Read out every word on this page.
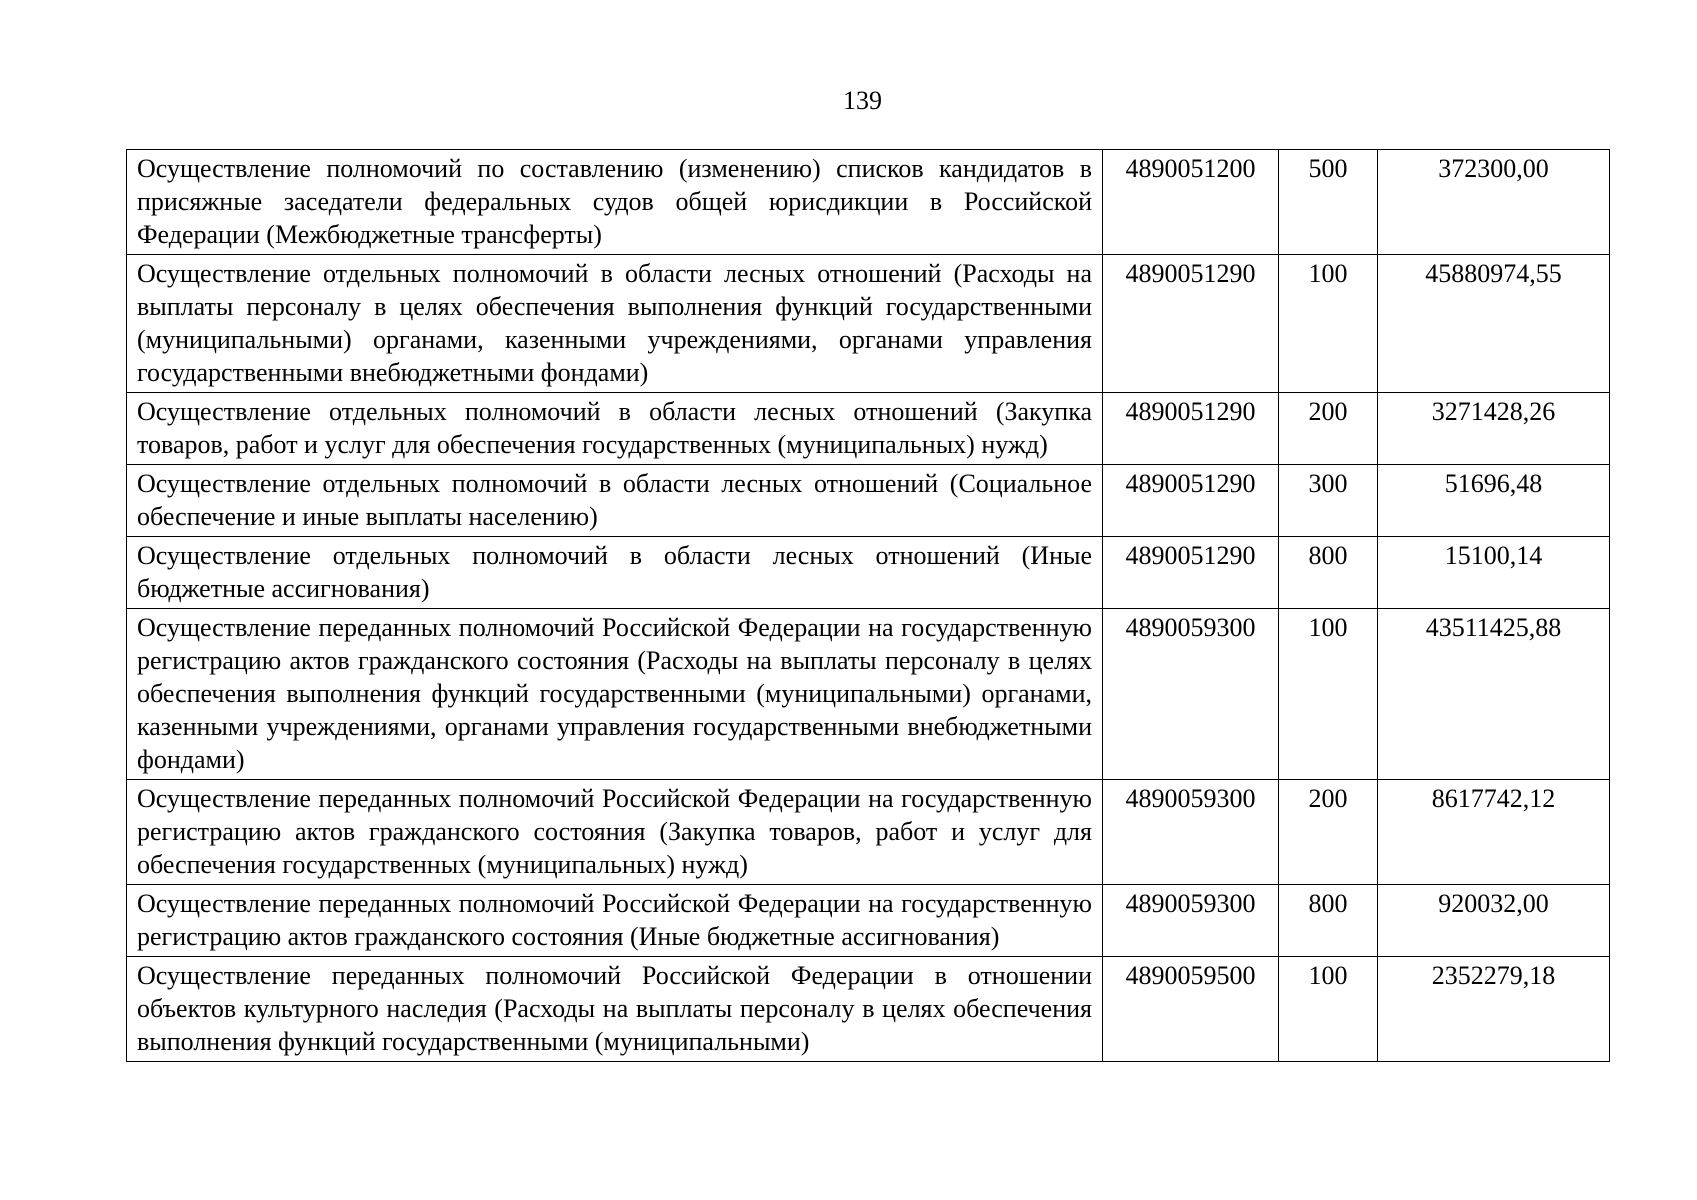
139
Осуществление полномочий по составлению (изменению) списков кандидатов в присяжные заседатели федеральных судов общей юрисдикции в Российской Федерации (Межбюджетные трансферты)	4890051200	500	372300,00
Осуществление отдельных полномочий в области лесных отношений (Расходы на выплаты персоналу в целях обеспечения выполнения функций государственными (муниципальными) органами, казенными учреждениями, органами управления государственными внебюджетными фондами)	4890051290	100	45880974,55
Осуществление отдельных полномочий в области лесных отношений (Закупка товаров, работ и услуг для обеспечения государственных (муниципальных) нужд)	4890051290	200	3271428,26
Осуществление отдельных полномочий в области лесных отношений (Социальное обеспечение и иные выплаты населению)	4890051290	300	51696,48
Осуществление отдельных полномочий в области лесных отношений (Иные бюджетные ассигнования)	4890051290	800	15100,14
Осуществление переданных полномочий Российской Федерации на государственную регистрацию актов гражданского состояния (Расходы на выплаты персоналу в целях обеспечения выполнения функций государственными (муниципальными) органами, казенными учреждениями, органами управления государственными внебюджетными фондами)	4890059300	100	43511425,88
Осуществление переданных полномочий Российской Федерации на государственную регистрацию актов гражданского состояния (Закупка товаров, работ и услуг для обеспечения государственных (муниципальных) нужд)	4890059300	200	8617742,12
Осуществление переданных полномочий Российской Федерации на государственную регистрацию актов гражданского состояния (Иные бюджетные ассигнования)	4890059300	800	920032,00
Осуществление переданных полномочий Российской Федерации в отношении объектов культурного наследия (Расходы на выплаты персоналу в целях обеспечения выполнения функций государственными (муниципальными)	4890059500	100	2352279,18
